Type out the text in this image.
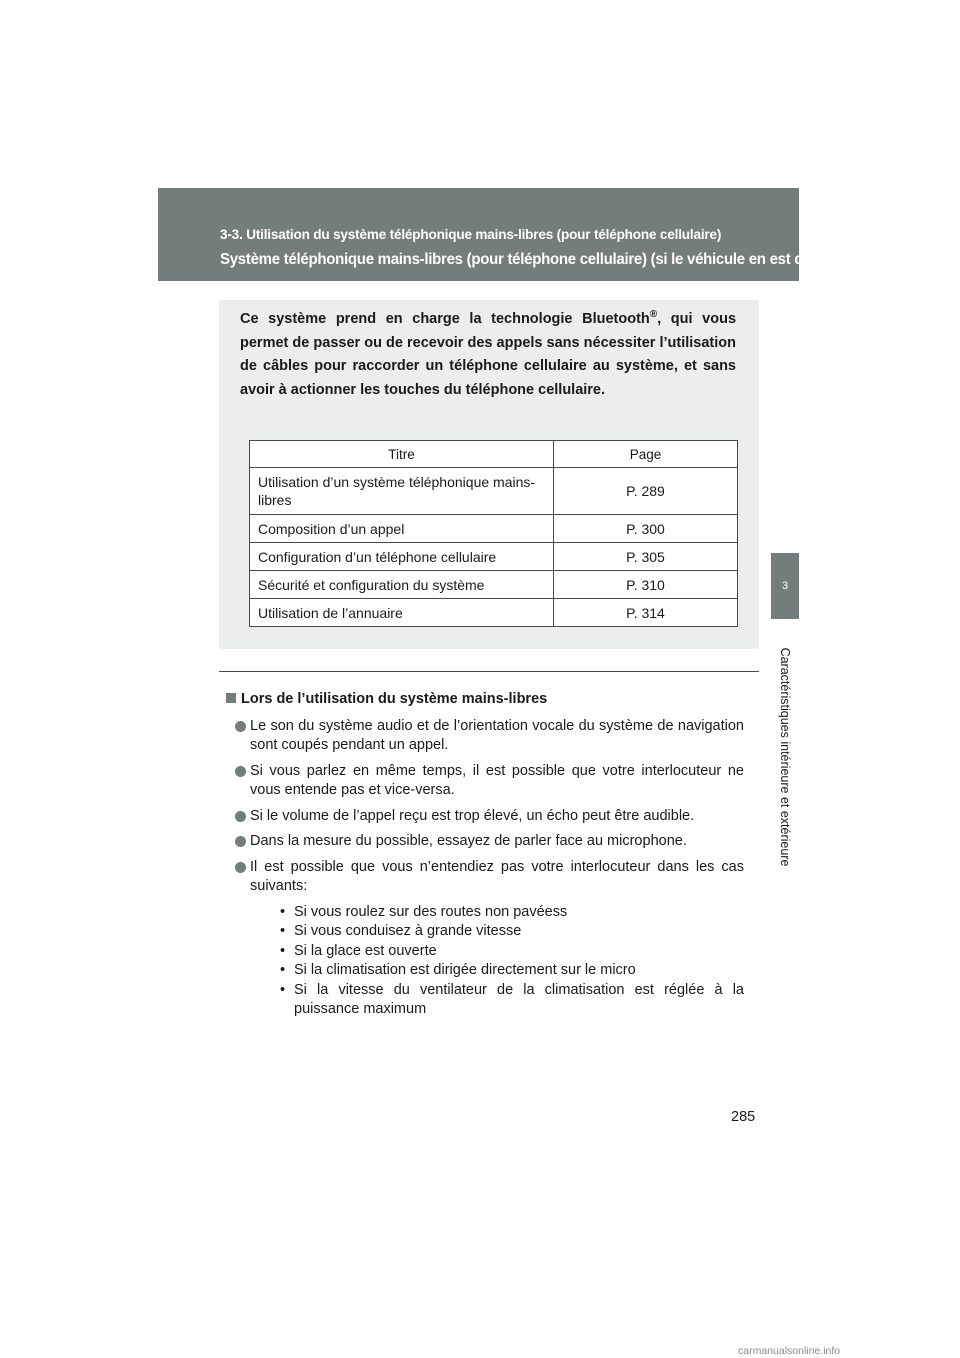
3-3. Utilisation du système téléphonique mains-libres (pour téléphone cellulaire)
Système téléphonique mains-libres (pour téléphone cellulaire) (si le véhicule en est doté)
3
Caractéristiques intérieure et extérieure
Ce système prend en charge la technologie Bluetooth®, qui vous permet de passer ou de recevoir des appels sans nécessiter l’utilisation de câbles pour raccorder un téléphone cellulaire au système, et sans avoir à actionner les touches du téléphone cellulaire.
Titre	Page
Utilisation d’un système téléphonique mains-libres	P. 289
Composition d’un appel	P. 300
Configuration d’un téléphone cellulaire	P. 305
Sécurité et configuration du système	P. 310
Utilisation de l’annuaire	P. 314
Lors de l’utilisation du système mains-libres
Le son du système audio et de l’orientation vocale du système de navigation sont coupés pendant un appel.
Si vous parlez en même temps, il est possible que votre interlocuteur ne vous entende pas et vice-versa.
Si le volume de l’appel reçu est trop élevé, un écho peut être audible.
Dans la mesure du possible, essayez de parler face au microphone.
Il est possible que vous n’entendiez pas votre interlocuteur dans les cas suivants:
• Si vous roulez sur des routes non pavéess
• Si vous conduisez à grande vitesse
• Si la glace est ouverte
• Si la climatisation est dirigée directement sur le micro
• Si la vitesse du ventilateur de la climatisation est réglée à la puissance maximum
285
carmanualsonline.info
